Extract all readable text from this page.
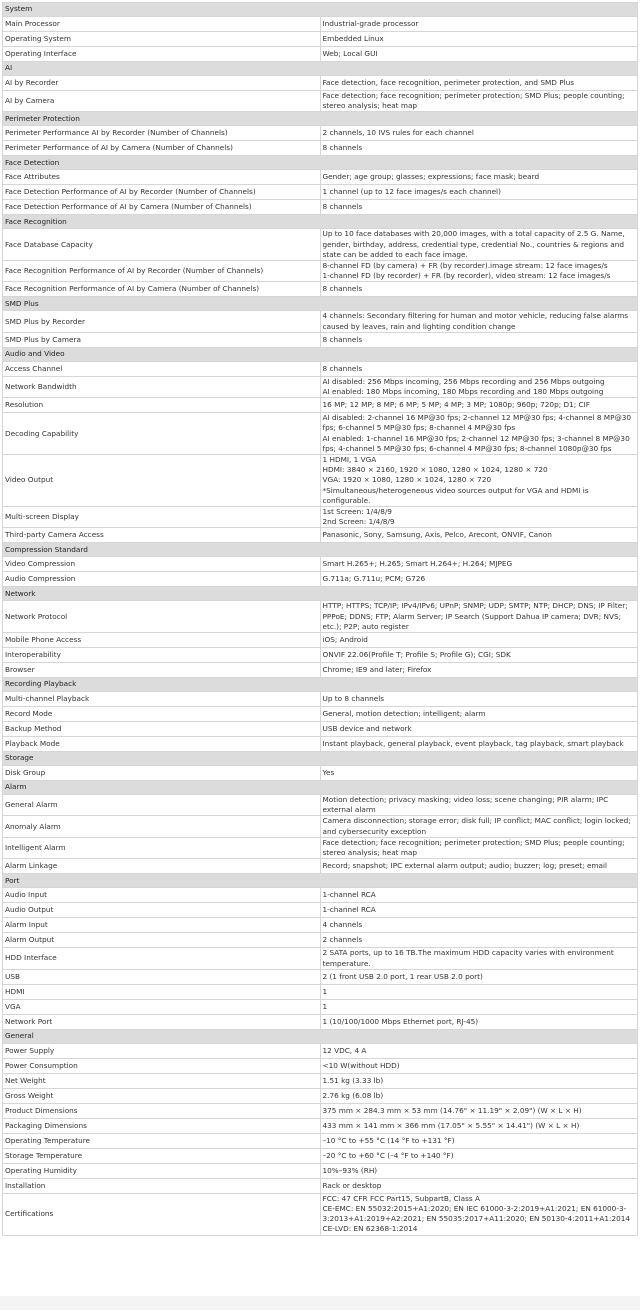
System	
Main Processor	Industrial-grade processor
Operating System	Embedded Linux
Operating Interface	Web; Local GUI
AI	
AI by Recorder	Face detection, face recognition, perimeter protection, and SMD Plus
AI by Camera	Face detection; face recognition; perimeter protection; SMD Plus; people counting; stereo analysis; heat map
Perimeter Protection	
Perimeter Performance AI by Recorder (Number of Channels)	2 channels, 10 IVS rules for each channel
Perimeter Performance of AI by Camera (Number of Channels)	8 channels
Face Detection	
Face Attributes	Gender; age group; glasses; expressions; face mask; beard
Face Detection Performance of AI by Recorder (Number of Channels)	1 channel (up to 12 face images/s each channel)
Face Detection Performance of AI by Camera (Number of Channels)	8 channels
Face Recognition	
Face Database Capacity	Up to 10 face databases with 20,000 images, with a total capacity of 2.5 G. Name, gender, birthday, address, credential type, credential No., countries & regions and state can be added to each face image.
Face Recognition Performance of AI by Recorder (Number of Channels)	8-channel FD (by camera) + FR (by recorder).image stream: 12 face images/s
1-channel FD (by recorder) + FR (by recorder), video stream: 12 face images/s
Face Recognition Performance of AI by Camera (Number of Channels)	8 channels
SMD Plus	
SMD Plus by Recorder	4 channels: Secondary filtering for human and motor vehicle, reducing false alarms caused by leaves, rain and lighting condition change
SMD Plus by Camera	8 channels
Audio and Video	
Access Channel	8 channels
Network Bandwidth	AI disabled: 256 Mbps incoming, 256 Mbps recording and 256 Mbps outgoing
AI enabled: 180 Mbps incoming, 180 Mbps recording and 180 Mbps outgoing
Resolution	16 MP; 12 MP; 8 MP; 6 MP; 5 MP; 4 MP; 3 MP; 1080p; 960p; 720p; D1; CIF
Decoding Capability	AI disabled: 2-channel 16 MP@30 fps; 2-channel 12 MP@30 fps; 4-channel 8 MP@30 fps; 6-channel 5 MP@30 fps; 8-channel 4 MP@30 fps
AI enabled: 1-channel 16 MP@30 fps; 2-channel 12 MP@30 fps; 3-channel 8 MP@30 fps; 4-channel 5 MP@30 fps; 6-channel 4 MP@30 fps; 8-channel 1080p@30 fps
Video Output	1 HDMI, 1 VGA
HDMI: 3840 × 2160, 1920 × 1080, 1280 × 1024, 1280 × 720
VGA: 1920 × 1080, 1280 × 1024, 1280 × 720
*Simultaneous/heterogeneous video sources output for VGA and HDMI is configurable.
Multi-screen Display	1st Screen: 1/4/8/9
2nd Screen: 1/4/8/9
Third-party Camera Access	Panasonic, Sony, Samsung, Axis, Pelco, Arecont, ONVIF, Canon
Compression Standard	
Video Compression	Smart H.265+; H.265; Smart H.264+; H.264; MJPEG
Audio Compression	G.711a; G.711u; PCM; G726
Network	
Network Protocol	HTTP; HTTPS; TCP/IP; IPv4/IPv6; UPnP; SNMP; UDP; SMTP; NTP; DHCP; DNS; IP Filter; PPPoE; DDNS; FTP; Alarm Server; IP Search (Support Dahua IP camera; DVR; NVS; etc.); P2P; auto register
Mobile Phone Access	iOS; Android
Interoperability	ONVIF 22.06(Profile T; Profile S; Profile G); CGI; SDK
Browser	Chrome; IE9 and later; Firefox
Recording Playback	
Multi-channel Playback	Up to 8 channels
Record Mode	General, motion detection; intelligent; alarm
Backup Method	USB device and network
Playback Mode	Instant playback, general playback, event playback, tag playback, smart playback
Storage	
Disk Group	Yes
Alarm	
General Alarm	Motion detection; privacy masking; video loss; scene changing; PIR alarm; IPC external alarm
Anomaly Alarm	Camera disconnection; storage error; disk full; IP conflict; MAC conflict; login locked; and cybersecurity exception
Intelligent Alarm	Face detection; face recognition; perimeter protection; SMD Plus; people counting; stereo analysis; heat map
Alarm Linkage	Record; snapshot; IPC external alarm output; audio; buzzer; log; preset; email
Port	
Audio Input	1-channel RCA
Audio Output	1-channel RCA
Alarm Input	4 channels
Alarm Output	2 channels
HDD Interface	2 SATA ports, up to 16 TB.The maximum HDD capacity varies with environment temperature.
USB	2 (1 front USB 2.0 port, 1 rear USB 2.0 port)
HDMI	1
VGA	1
Network Port	1 (10/100/1000 Mbps Ethernet port, RJ-45)
General	
Power Supply	12 VDC, 4 A
Power Consumption	<10 W(without HDD)
Net Weight	1.51 kg (3.33 lb)
Gross Weight	2.76 kg (6.08 lb)
Product Dimensions	375 mm × 284.3 mm × 53 mm (14.76" × 11.19" × 2.09") (W × L × H)
Packaging Dimensions	433 mm × 141 mm × 366 mm (17.05" × 5.55" × 14.41") (W × L × H)
Operating Temperature	–10 °C to +55 °C (14 °F to +131 °F)
Storage Temperature	–20 °C to +60 °C (–4 °F to +140 °F)
Operating Humidity	10%–93% (RH)
Installation	Rack or desktop
Certifications	FCC: 47 CFR FCC Part15, SubpartB, Class A
CE-EMC: EN 55032:2015+A1:2020; EN IEC 61000-3-2:2019+A1:2021; EN 61000-3-3:2013+A1:2019+A2:2021; EN 55035:2017+A11:2020; EN 50130-4:2011+A1:2014
CE-LVD: EN 62368-1:2014
